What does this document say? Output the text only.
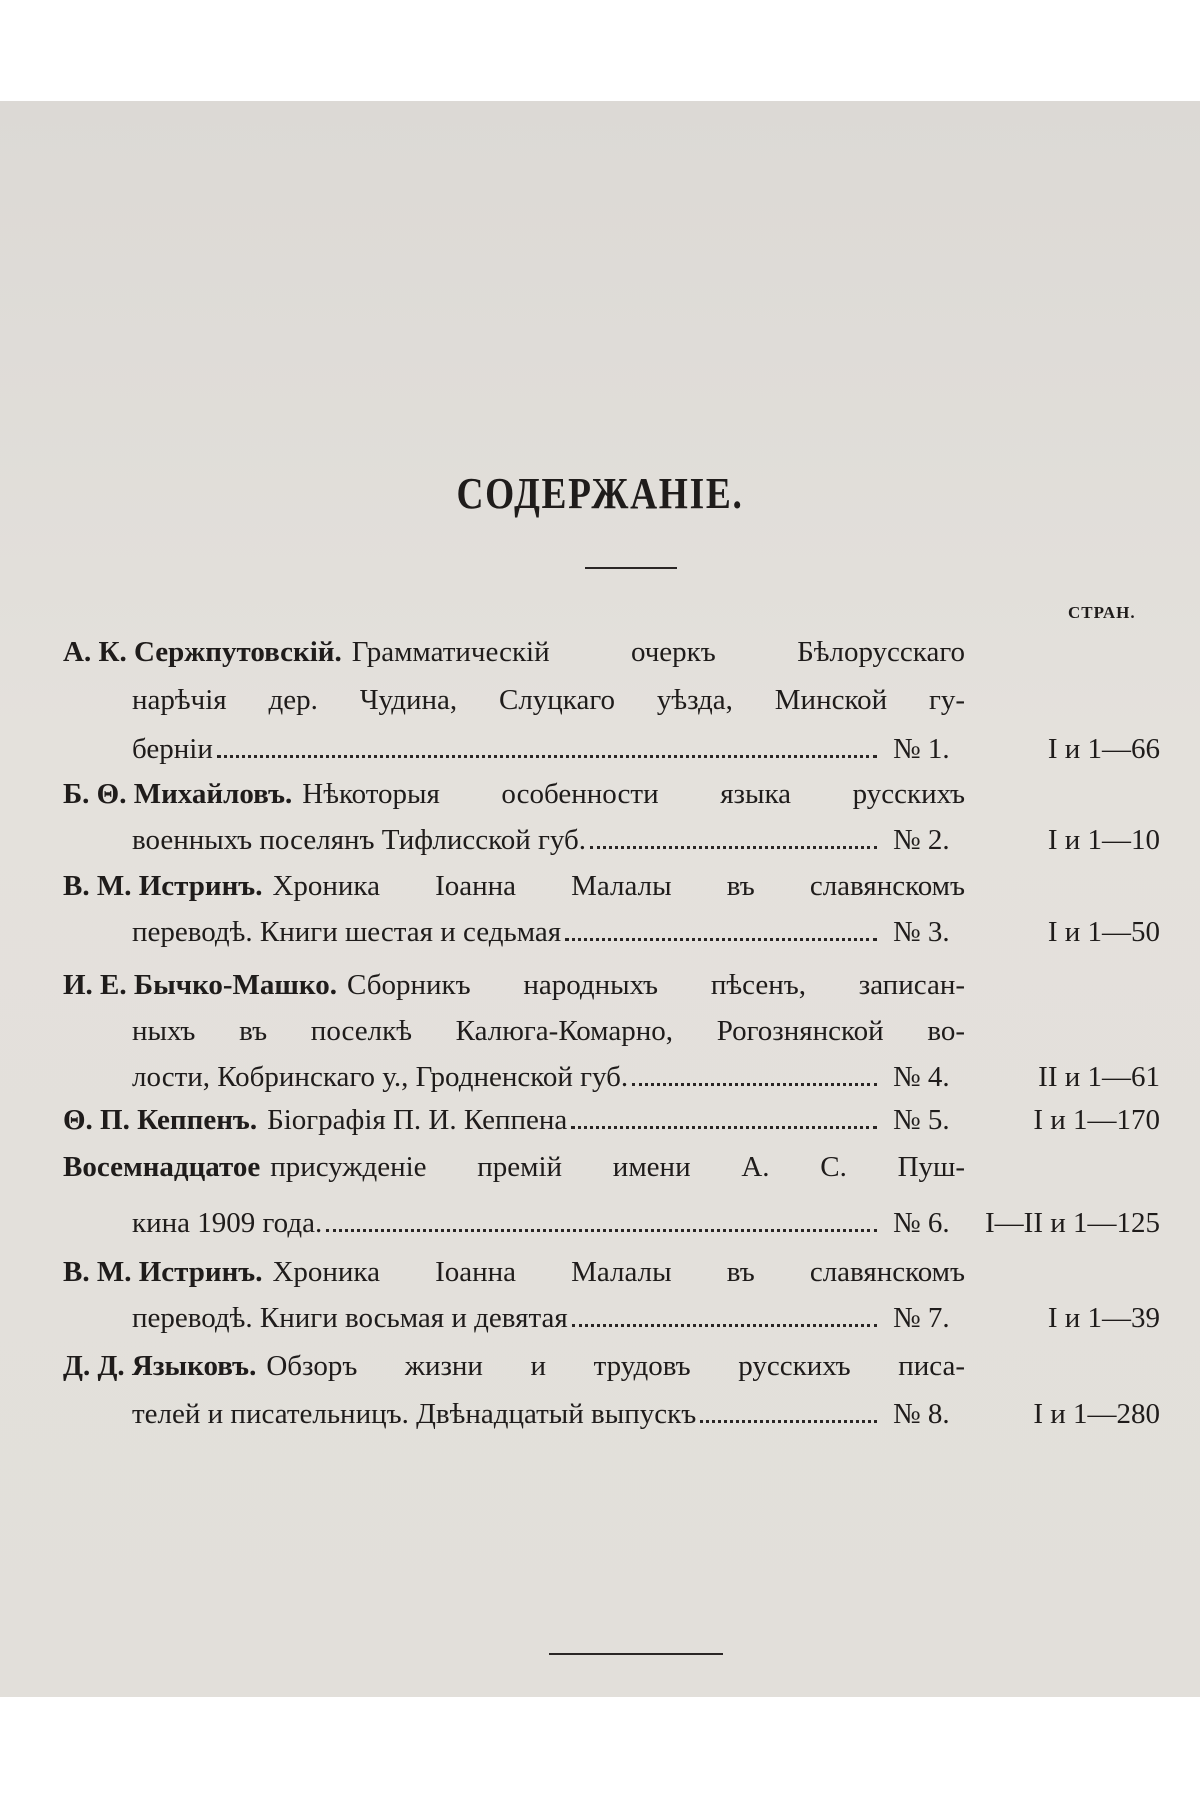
СОДЕРЖАНІЕ.
СТРАН.
А. К. Сержпутовскій. Грамматическій очеркъ Бѣлорусскаго
нарѣчія дер. Чудина, Слуцкаго уѣзда, Минской гу-
берніи	№ 1.	I и 1—66
Б. Θ. Михайловъ. Нѣкоторыя особенности языка русскихъ
военныхъ поселянъ Тифлисской губ.	№ 2.	I и 1—10
В. М. Истринъ. Хроника Іоанна Малалы въ славянскомъ
переводѣ. Книги шестая и седьмая	№ 3.	I и 1—50
И. Е. Бычко-Машко. Сборникъ народныхъ пѣсенъ, записан-
ныхъ въ поселкѣ Калюга-Комарно, Рогознянской во-
лости, Кобринскаго у., Гродненской губ.	№ 4.	II и 1—61
Θ. П. Кеппенъ. Біографія П. И. Кеппена	№ 5.	I и 1—170
Восемнадцатое присужденіе премій имени А. С. Пуш-
кина 1909 года.	№ 6. I—II и 1—125
В. М. Истринъ. Хроника Іоанна Малалы въ славянскомъ
переводѣ. Книги восьмая и девятая	№ 7.	I и 1—39
Д. Д. Языковъ. Обзоръ жизни и трудовъ русскихъ писа-
телей и писательницъ. Двѣнадцатый выпускъ	№ 8.	I и 1—280
